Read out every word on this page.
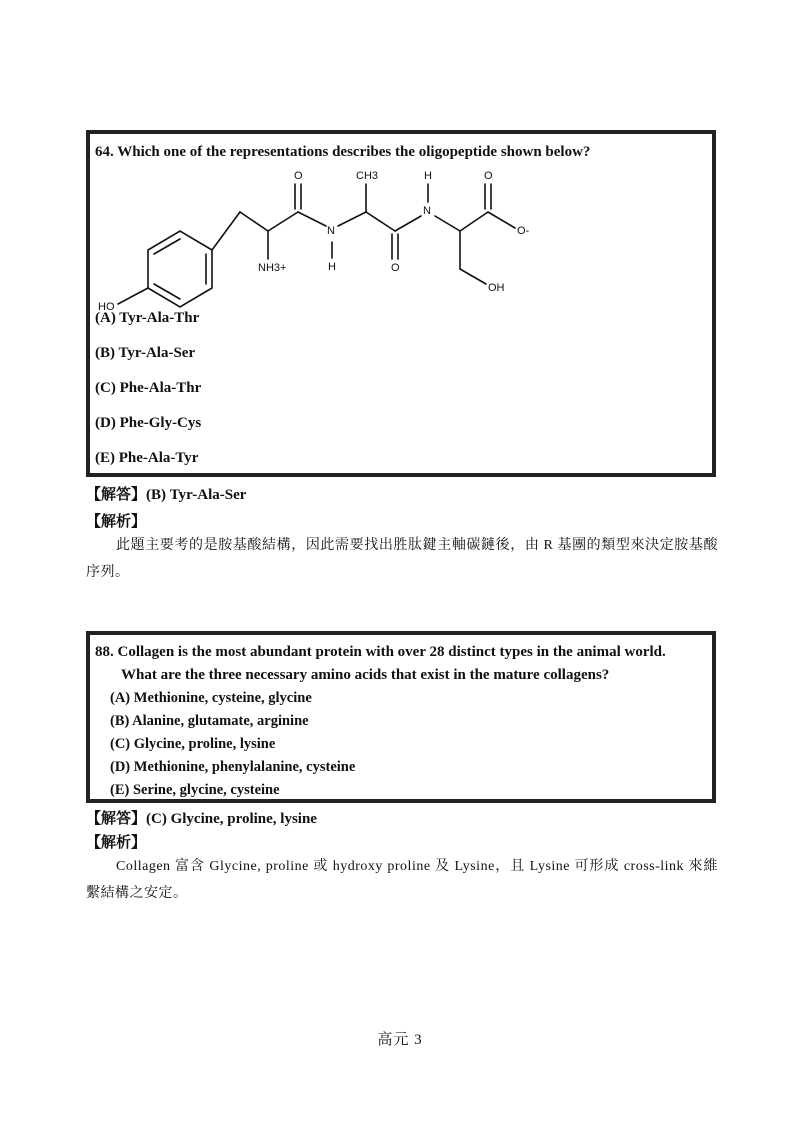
64. Which one of the representations describes the oligopeptide shown below?
HO
O	CH3	H	O
N
H
NH3+	O
N
O-
OH
(A) Tyr-Ala-Thr
(B) Tyr-Ala-Ser
(C) Phe-Ala-Thr
(D) Phe-Gly-Cys
(E) Phe-Ala-Tyr
【解答】(B) Tyr-Ala-Ser
【解析】
此題主要考的是胺基酸結構，因此需要找出胜肽鍵主軸碳鏈後，由 R 基團的類型來決定胺基酸序列。
88. Collagen is the most abundant protein with over 28 distinct types in the animal world.
What are the three necessary amino acids that exist in the mature collagens?
(A) Methionine, cysteine, glycine
(B) Alanine, glutamate, arginine
(C) Glycine, proline, lysine
(D) Methionine, phenylalanine, cysteine
(E) Serine, glycine, cysteine
【解答】(C) Glycine, proline, lysine
【解析】
Collagen 富含 Glycine, proline 或 hydroxy proline 及 Lysine，且 Lysine 可形成 cross-link 來維繫結構之安定。
高元 3
